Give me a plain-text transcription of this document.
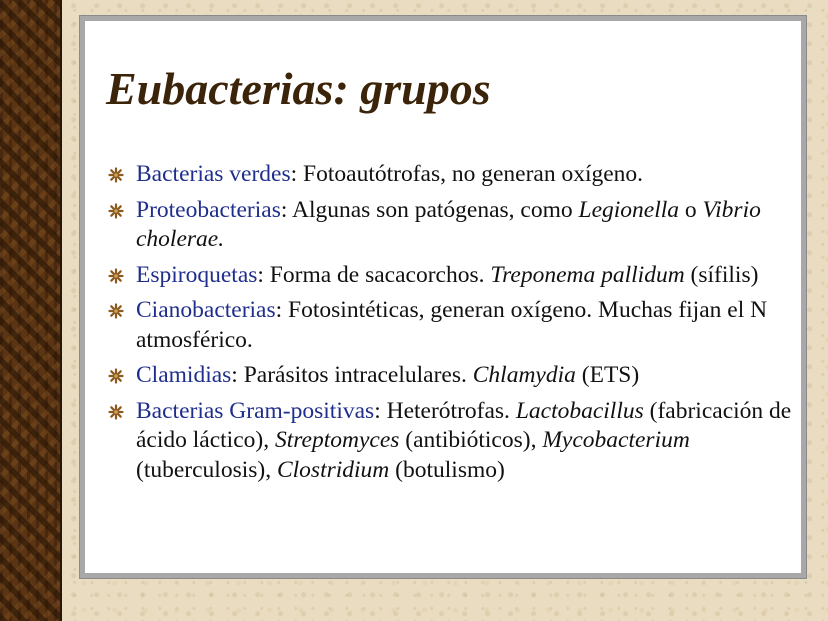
Eubacterias: grupos
Bacterias verdes: Fotoautótrofas, no generan oxígeno.
Proteobacterias: Algunas son patógenas, como Legionella o Vibrio cholerae.
Espiroquetas: Forma de sacacorchos. Treponema pallidum (sífilis)
Cianobacterias: Fotosintéticas, generan oxígeno. Muchas fijan el N atmosférico.
Clamidias: Parásitos intracelulares. Chlamydia (ETS)
Bacterias Gram-positivas: Heterótrofas. Lactobacillus (fabricación de ácido láctico), Streptomyces (antibióticos), Mycobacterium (tuberculosis), Clostridium (botulismo)
